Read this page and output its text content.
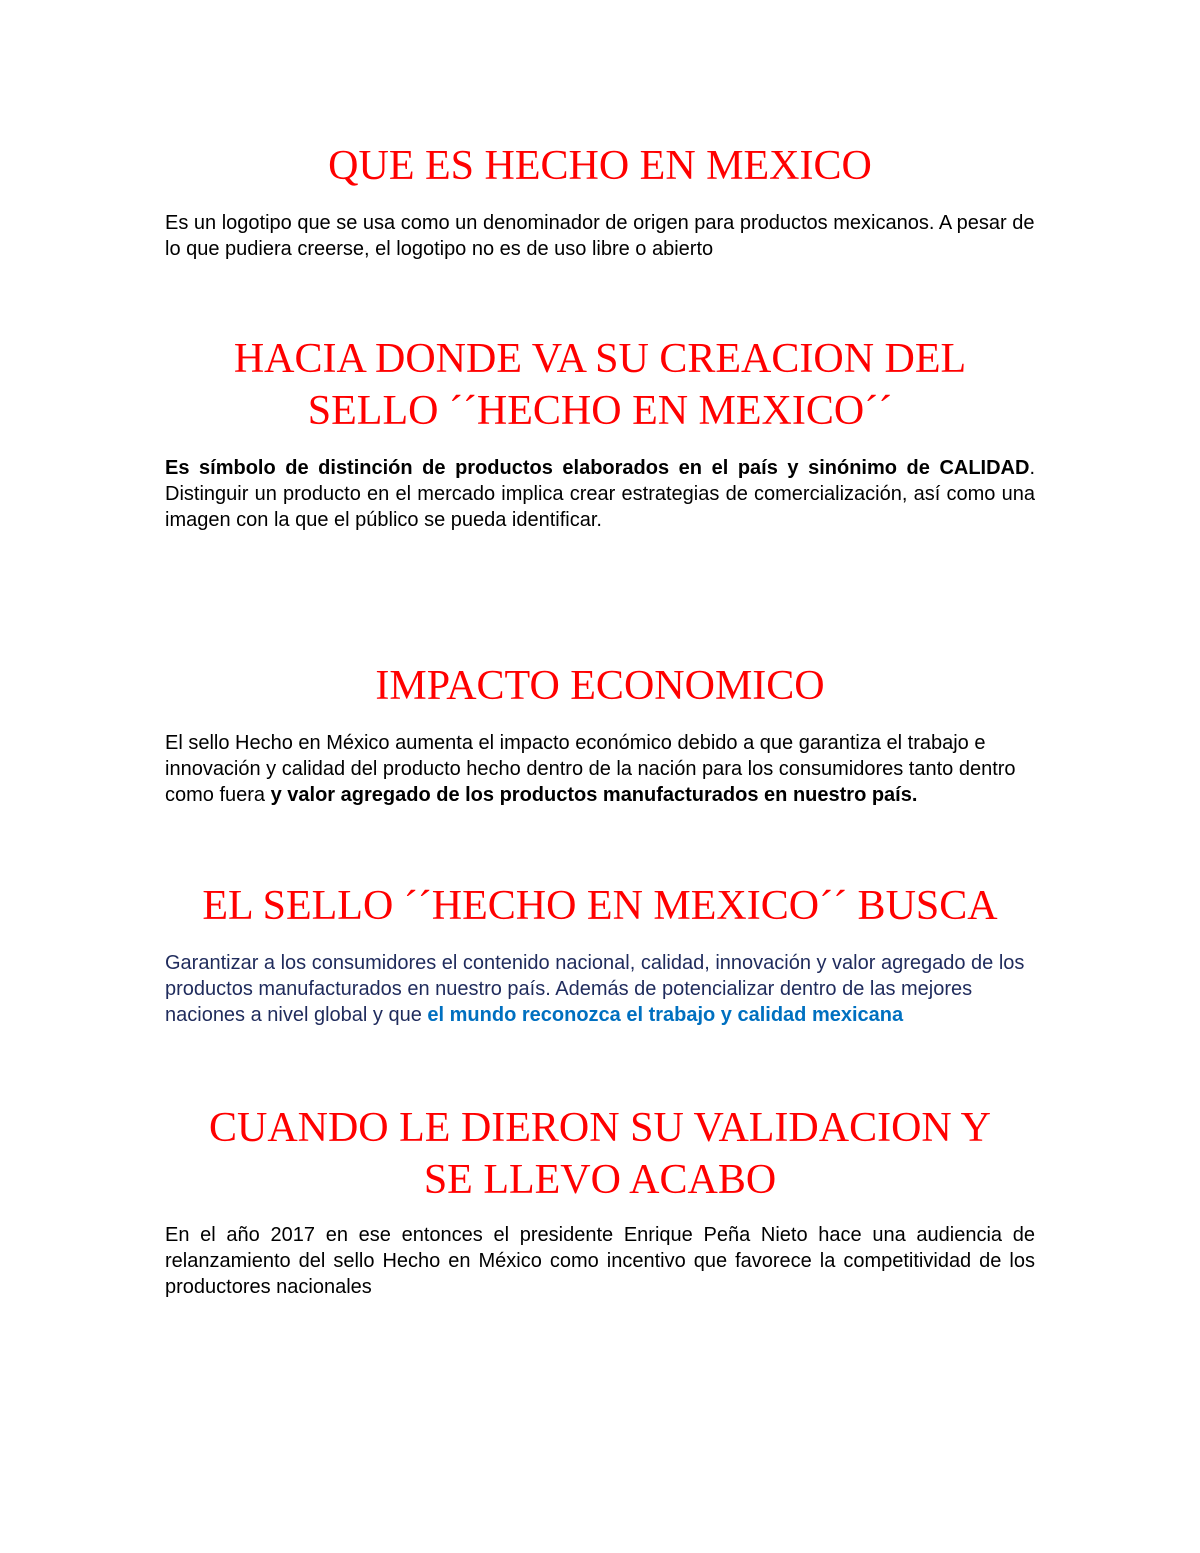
QUE ES HECHO EN MEXICO

Es un logotipo que se usa como un denominador de origen para productos mexicanos. A pesar de lo que pudiera creerse, el logotipo no es de uso libre o abierto

HACIA DONDE VA SU CREACION DEL
SELLO ´´HECHO EN MEXICO´´

Es símbolo de distinción de productos elaborados en el país y sinónimo de CALIDAD. Distinguir un producto en el mercado implica crear estrategias de comercialización, así como una imagen con la que el público se pueda identificar.

IMPACTO ECONOMICO

El sello Hecho en México aumenta el impacto económico debido a que garantiza el trabajo e innovación y calidad del producto hecho dentro de la nación para los consumidores tanto dentro como fuera y valor agregado de los productos manufacturados en nuestro país.

EL SELLO ´´HECHO EN MEXICO´´ BUSCA

Garantizar a los consumidores el contenido nacional, calidad, innovación y valor agregado de los productos manufacturados en nuestro país. Además de potencializar dentro de las mejores naciones a nivel global y que el mundo reconozca el trabajo y calidad mexicana

CUANDO LE DIERON SU VALIDACION Y
SE LLEVO ACABO

En el año 2017 en ese entonces el presidente Enrique Peña Nieto hace una audiencia de relanzamiento del sello Hecho en México como incentivo que favorece la competitividad de los productores nacionales
